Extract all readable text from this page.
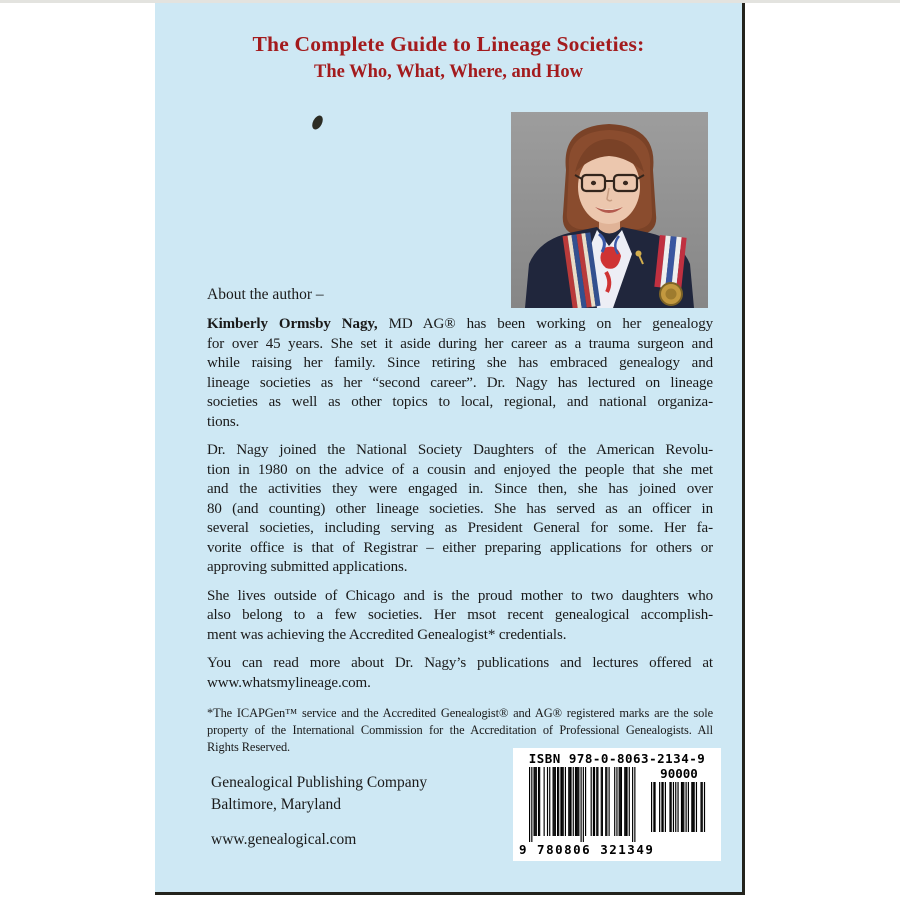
The Complete Guide to Lineage Societies:
The Who, What, Where, and How
About the author –
Kimberly Ormsby Nagy, MD AG® has been working on her genealogy
for over 45 years. She set it aside during her career as a trauma surgeon and
while raising her family. Since retiring she has embraced genealogy and
lineage societies as her “second career”. Dr. Nagy has lectured on lineage
societies as well as other topics to local, regional, and national organiza-
tions.
Dr. Nagy joined the National Society Daughters of the American Revolu-
tion in 1980 on the advice of a cousin and enjoyed the people that she met
and the activities they were engaged in. Since then, she has joined over
80 (and counting) other lineage societies. She has served as an officer in
several societies, including serving as President General for some. Her fa-
vorite office is that of Registrar – either preparing applications for others or
approving submitted applications.
She lives outside of Chicago and is the proud mother to two daughters who
also belong to a few societies. Her msot recent genealogical accomplish-
ment was achieving the Accredited Genealogist* credentials.
You can read more about Dr. Nagy’s publications and lectures offered at
www.whatsmylineage.com.
*The ICAPGen™ service and the Accredited Genealogist® and AG® registered marks are the sole
property of the International Commission for the Accreditation of Professional Genealogists. All
Rights Reserved.
Genealogical Publishing Company
Baltimore, Maryland
www.genealogical.com
ISBN 978-0-8063-2134-9
90000
9 780806 321349
